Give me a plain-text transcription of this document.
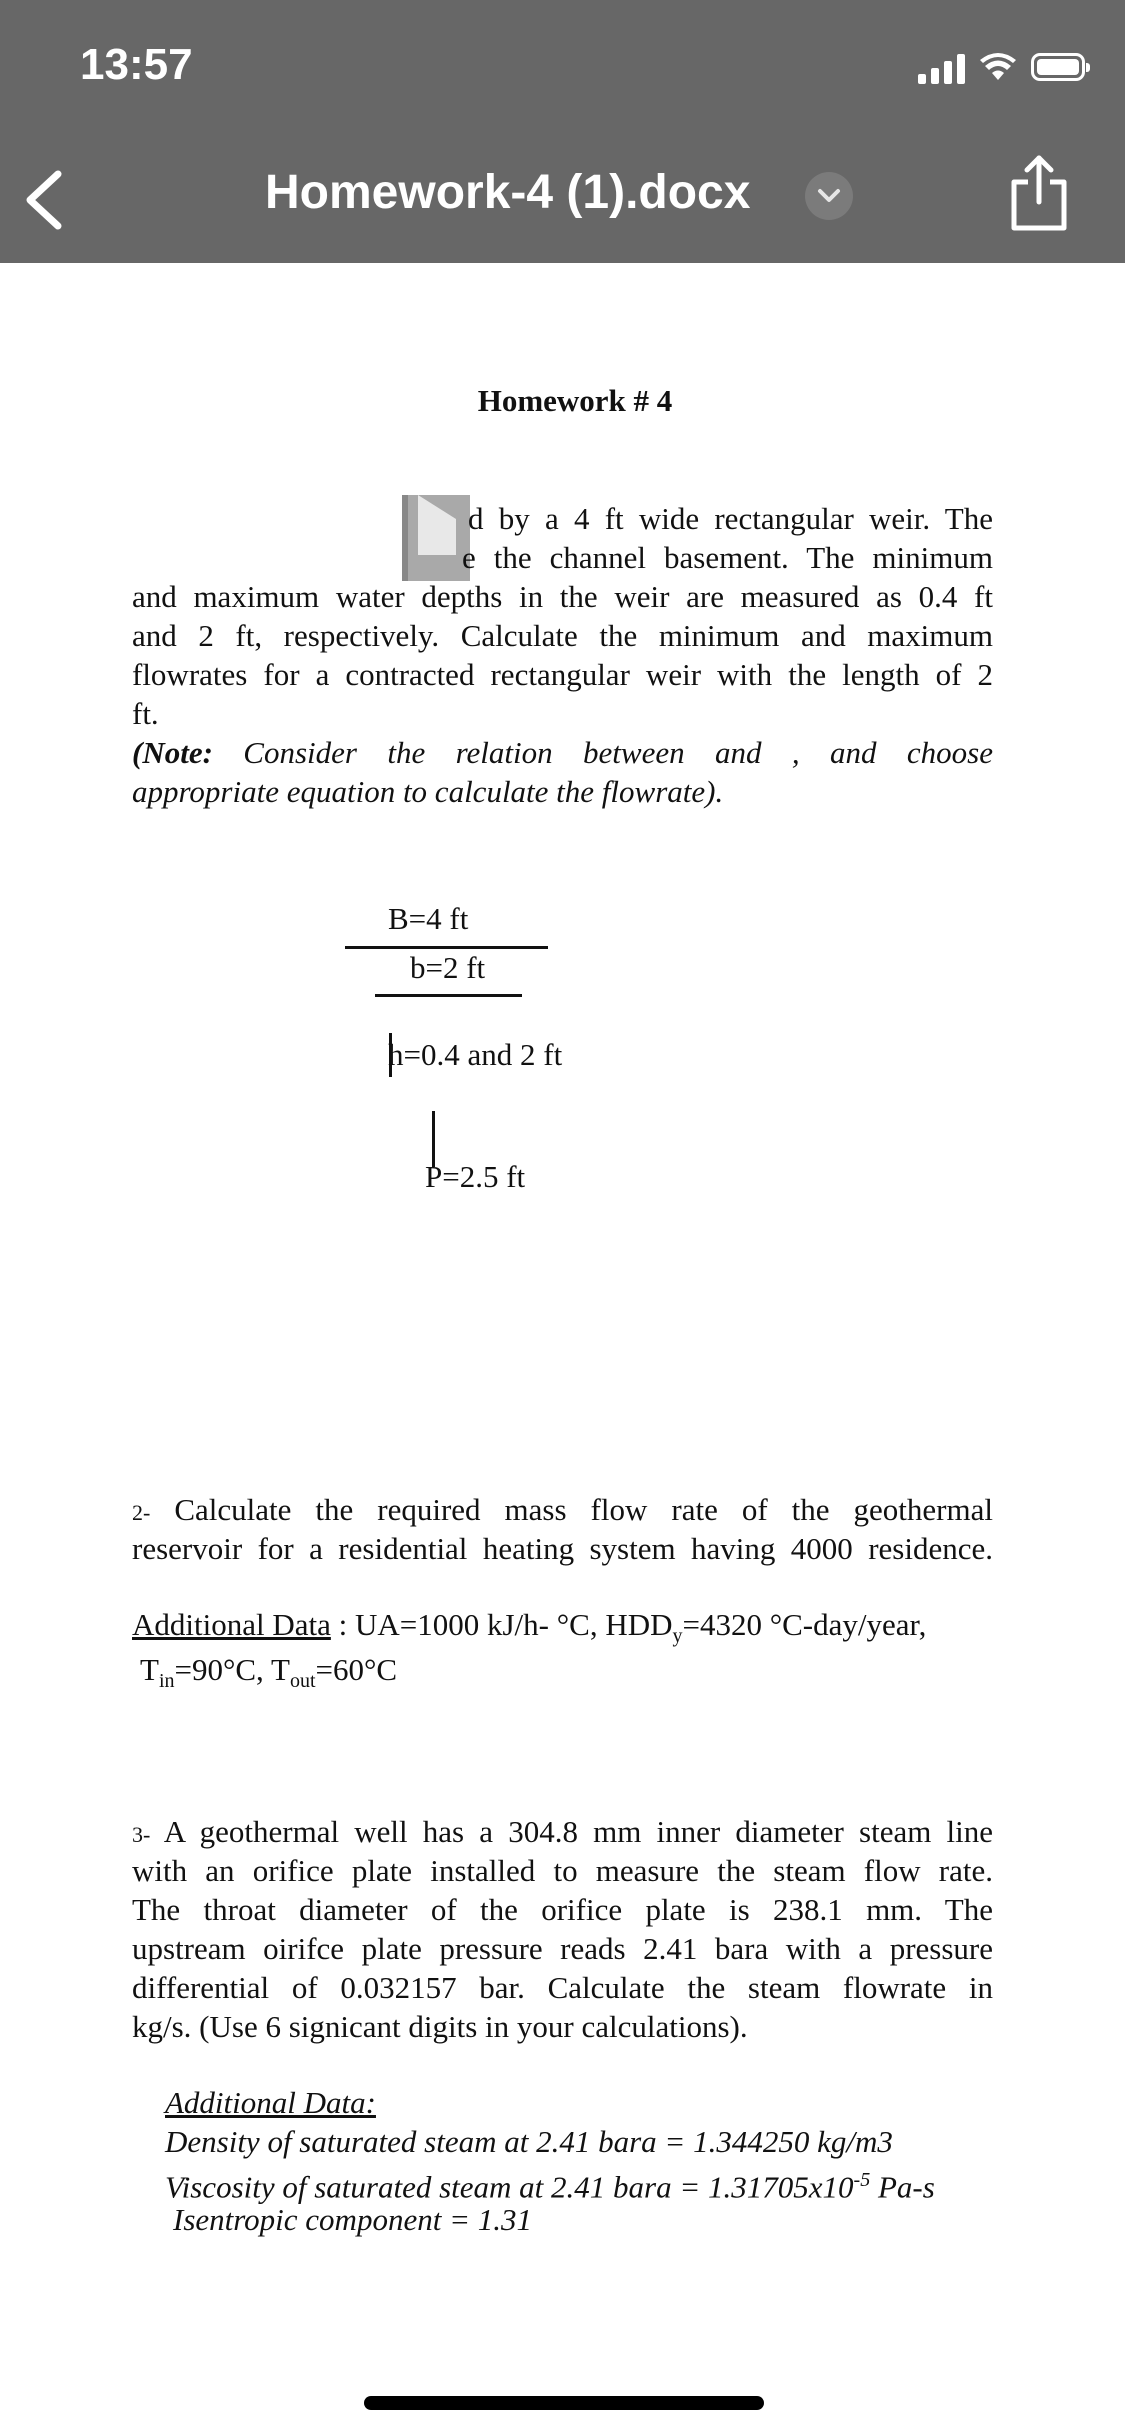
13:57
Homework-4 (1).docx
Homework # 4
d by a 4 ft wide rectangular weir. The
e the channel basement. The minimum
and maximum water depths in the weir are measured as 0.4 ft
and 2 ft, respectively. Calculate the minimum and maximum
flowrates for a contracted rectangular weir with the length of 2
ft.
(Note: Consider the relation between and , and choose
appropriate equation to calculate the flowrate).
B=4 ft
b=2 ft
h=0.4 and 2 ft
P=2.5 ft
2- Calculate the required mass flow rate of the geothermal
reservoir for a residential heating system having 4000 residence.
Additional Data : UA=1000 kJ/h- °C, $HDD_y=4320$ °C-day/year,
$T_{in}=90^\circ C$, $T_{out}=60^\circ C$
3- A geothermal well has a 304.8 mm inner diameter steam line
with an orifice plate installed to measure the steam flow rate.
The throat diameter of the orifice plate is 238.1 mm. The
upstream oirifce plate pressure reads 2.41 bara with a pressure
differential of 0.032157 bar. Calculate the steam flowrate in
kg/s. (Use 6 signicant digits in your calculations).
Additional Data:
Density of saturated steam at 2.41 bara = 1.344250 kg/m3
Viscosity of saturated steam at 2.41 bara = $1.31705x10^{-5}$ Pa-s
Isentropic component = 1.31
